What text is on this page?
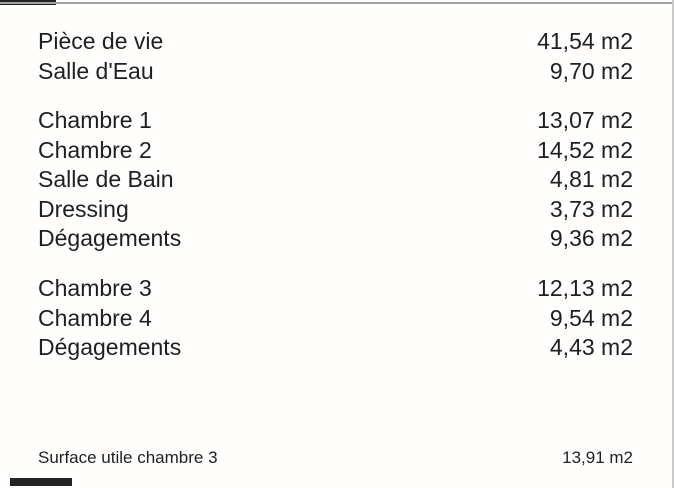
Pièce de vie	41,54 m2
Salle d'Eau	9,70 m2
Chambre 1	13,07 m2
Chambre 2	14,52 m2
Salle de Bain	4,81 m2
Dressing	3,73 m2
Dégagements	9,36 m2
Chambre 3	12,13 m2
Chambre 4	9,54 m2
Dégagements	4,43 m2
Surface utile chambre 3	13,91 m2
